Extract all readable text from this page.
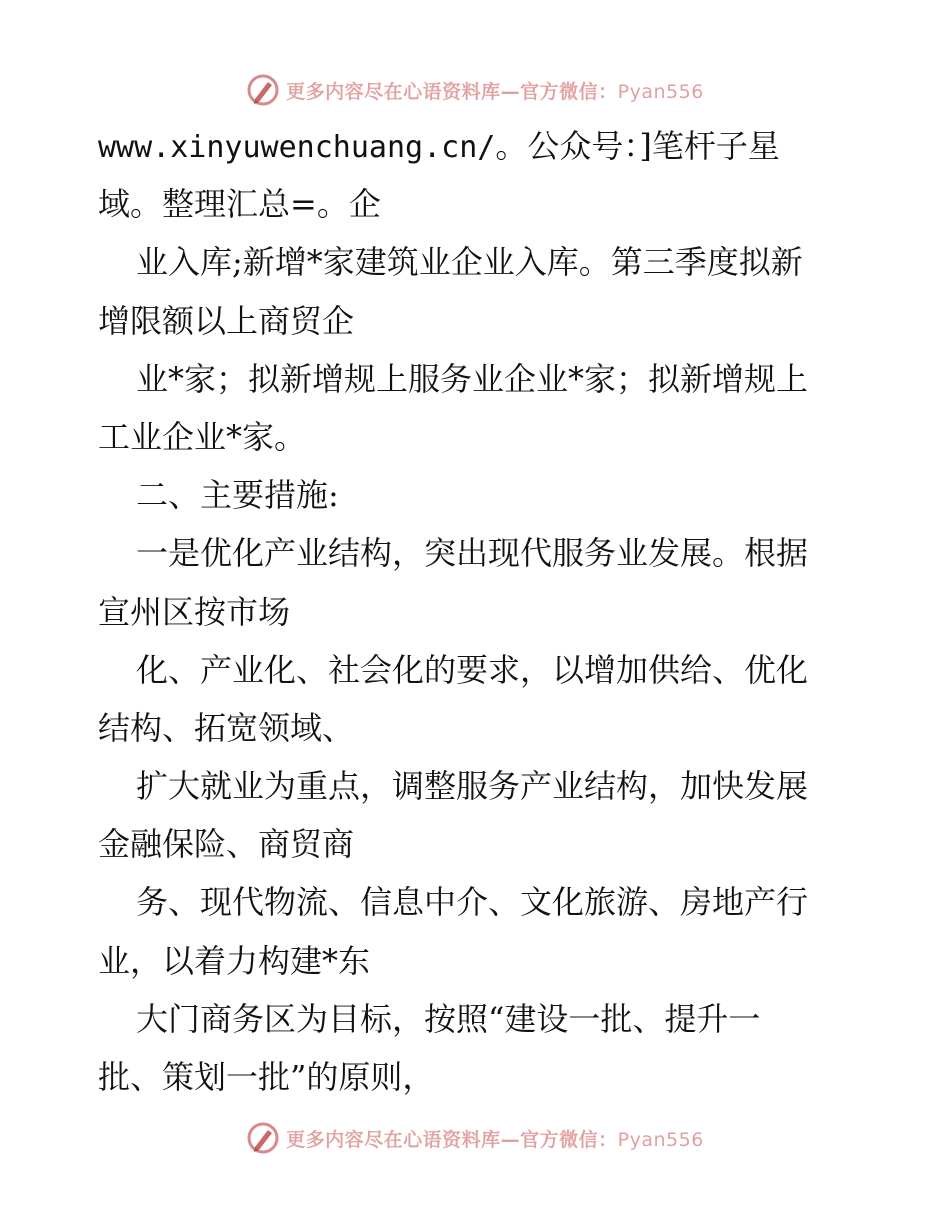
更多内容尽在心语资料库—官方微信：Pyan556
www.xinyuwenchuang.cn/。公众号：]笔杆子星
域。整理汇总=。企
业入库;新增*家建筑业企业入库。第三季度拟新
增限额以上商贸企
业*家；拟新增规上服务业企业*家；拟新增规上
工业企业*家。
二、主要措施:
一是优化产业结构，突出现代服务业发展。根据
宣州区按市场
化、产业化、社会化的要求，以增加供给、优化
结构、拓宽领域、
扩大就业为重点，调整服务产业结构，加快发展
金融保险、商贸商
务、现代物流、信息中介、文化旅游、房地产行
业，以着力构建*东
大门商务区为目标，按照“建设一批、提升一
批、策划一批”的原则，
更多内容尽在心语资料库—官方微信：Pyan556
